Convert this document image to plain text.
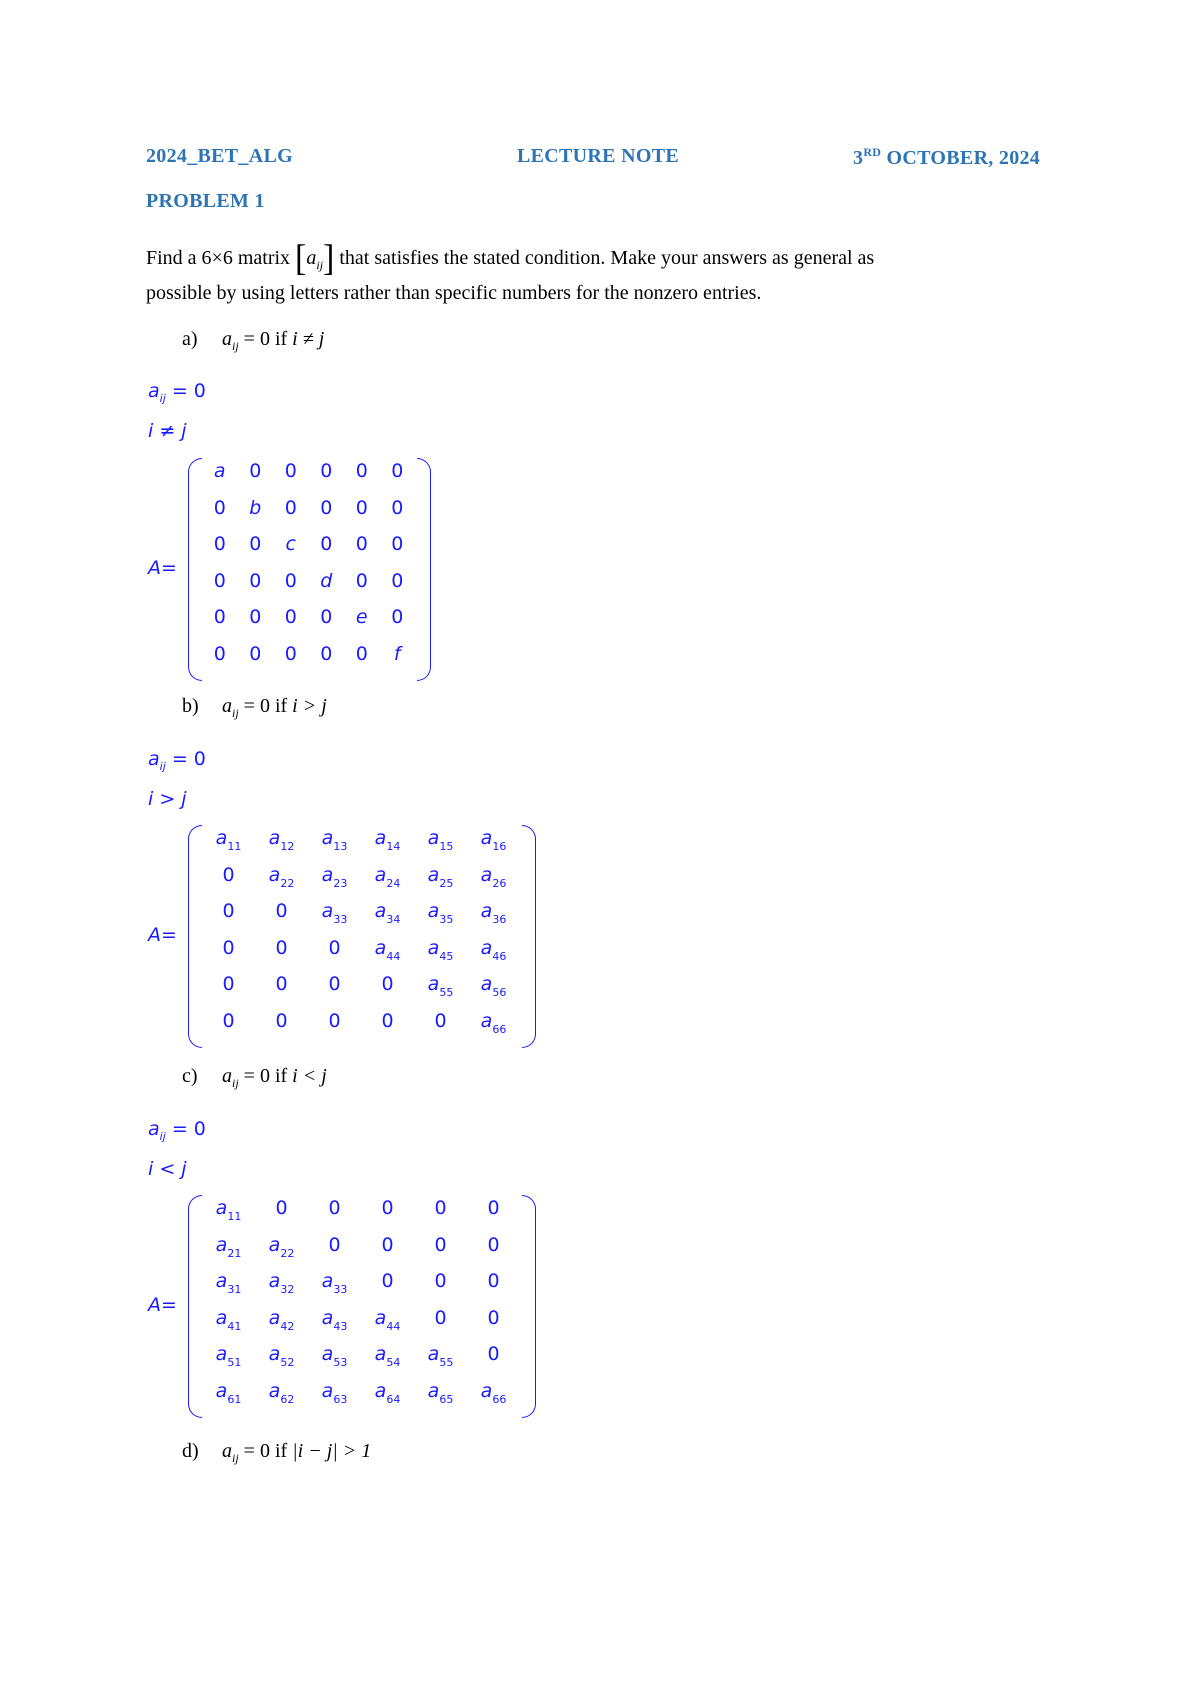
2024_BET_ALG	LECTURE NOTE	3RD OCTOBER, 2024
PROBLEM 1
Find a 6×6 matrix $[a_{ij}]$ that satisfies the stated condition. Make your answers as general as
possible by using letters rather than specific numbers for the nonzero entries.
a) $a_{ij} = 0$ if i ≠ j
$a_{ij} = 0$
i ≠ j
A=
a	0	0	0	0	0
0	b	0	0	0	0
0	0	c	0	0	0
0	0	0	d	0	0
0	0	0	0	e	0
0	0	0	0	0	f
b) $a_{ij} = 0$ if i > j
$a_{ij} = 0$
i > j
A=
$a_{11}$	$a_{12}$	$a_{13}$	$a_{14}$	$a_{15}$	$a_{16}$
0	$a_{22}$	$a_{23}$	$a_{24}$	$a_{25}$	$a_{26}$
0	0	$a_{33}$	$a_{34}$	$a_{35}$	$a_{36}$
0	0	0	$a_{44}$	$a_{45}$	$a_{46}$
0	0	0	0	$a_{55}$	$a_{56}$
0	0	0	0	0	$a_{66}$
c) $a_{ij} = 0$ if i < j
$a_{ij} = 0$
i < j
A=
$a_{11}$	0	0	0	0	0
$a_{21}$	$a_{22}$	0	0	0	0
$a_{31}$	$a_{32}$	$a_{33}$	0	0	0
$a_{41}$	$a_{42}$	$a_{43}$	$a_{44}$	0	0
$a_{51}$	$a_{52}$	$a_{53}$	$a_{54}$	$a_{55}$	0
$a_{61}$	$a_{62}$	$a_{63}$	$a_{64}$	$a_{65}$	$a_{66}$
d) $a_{ij} = 0$ if |i − j| > 1
